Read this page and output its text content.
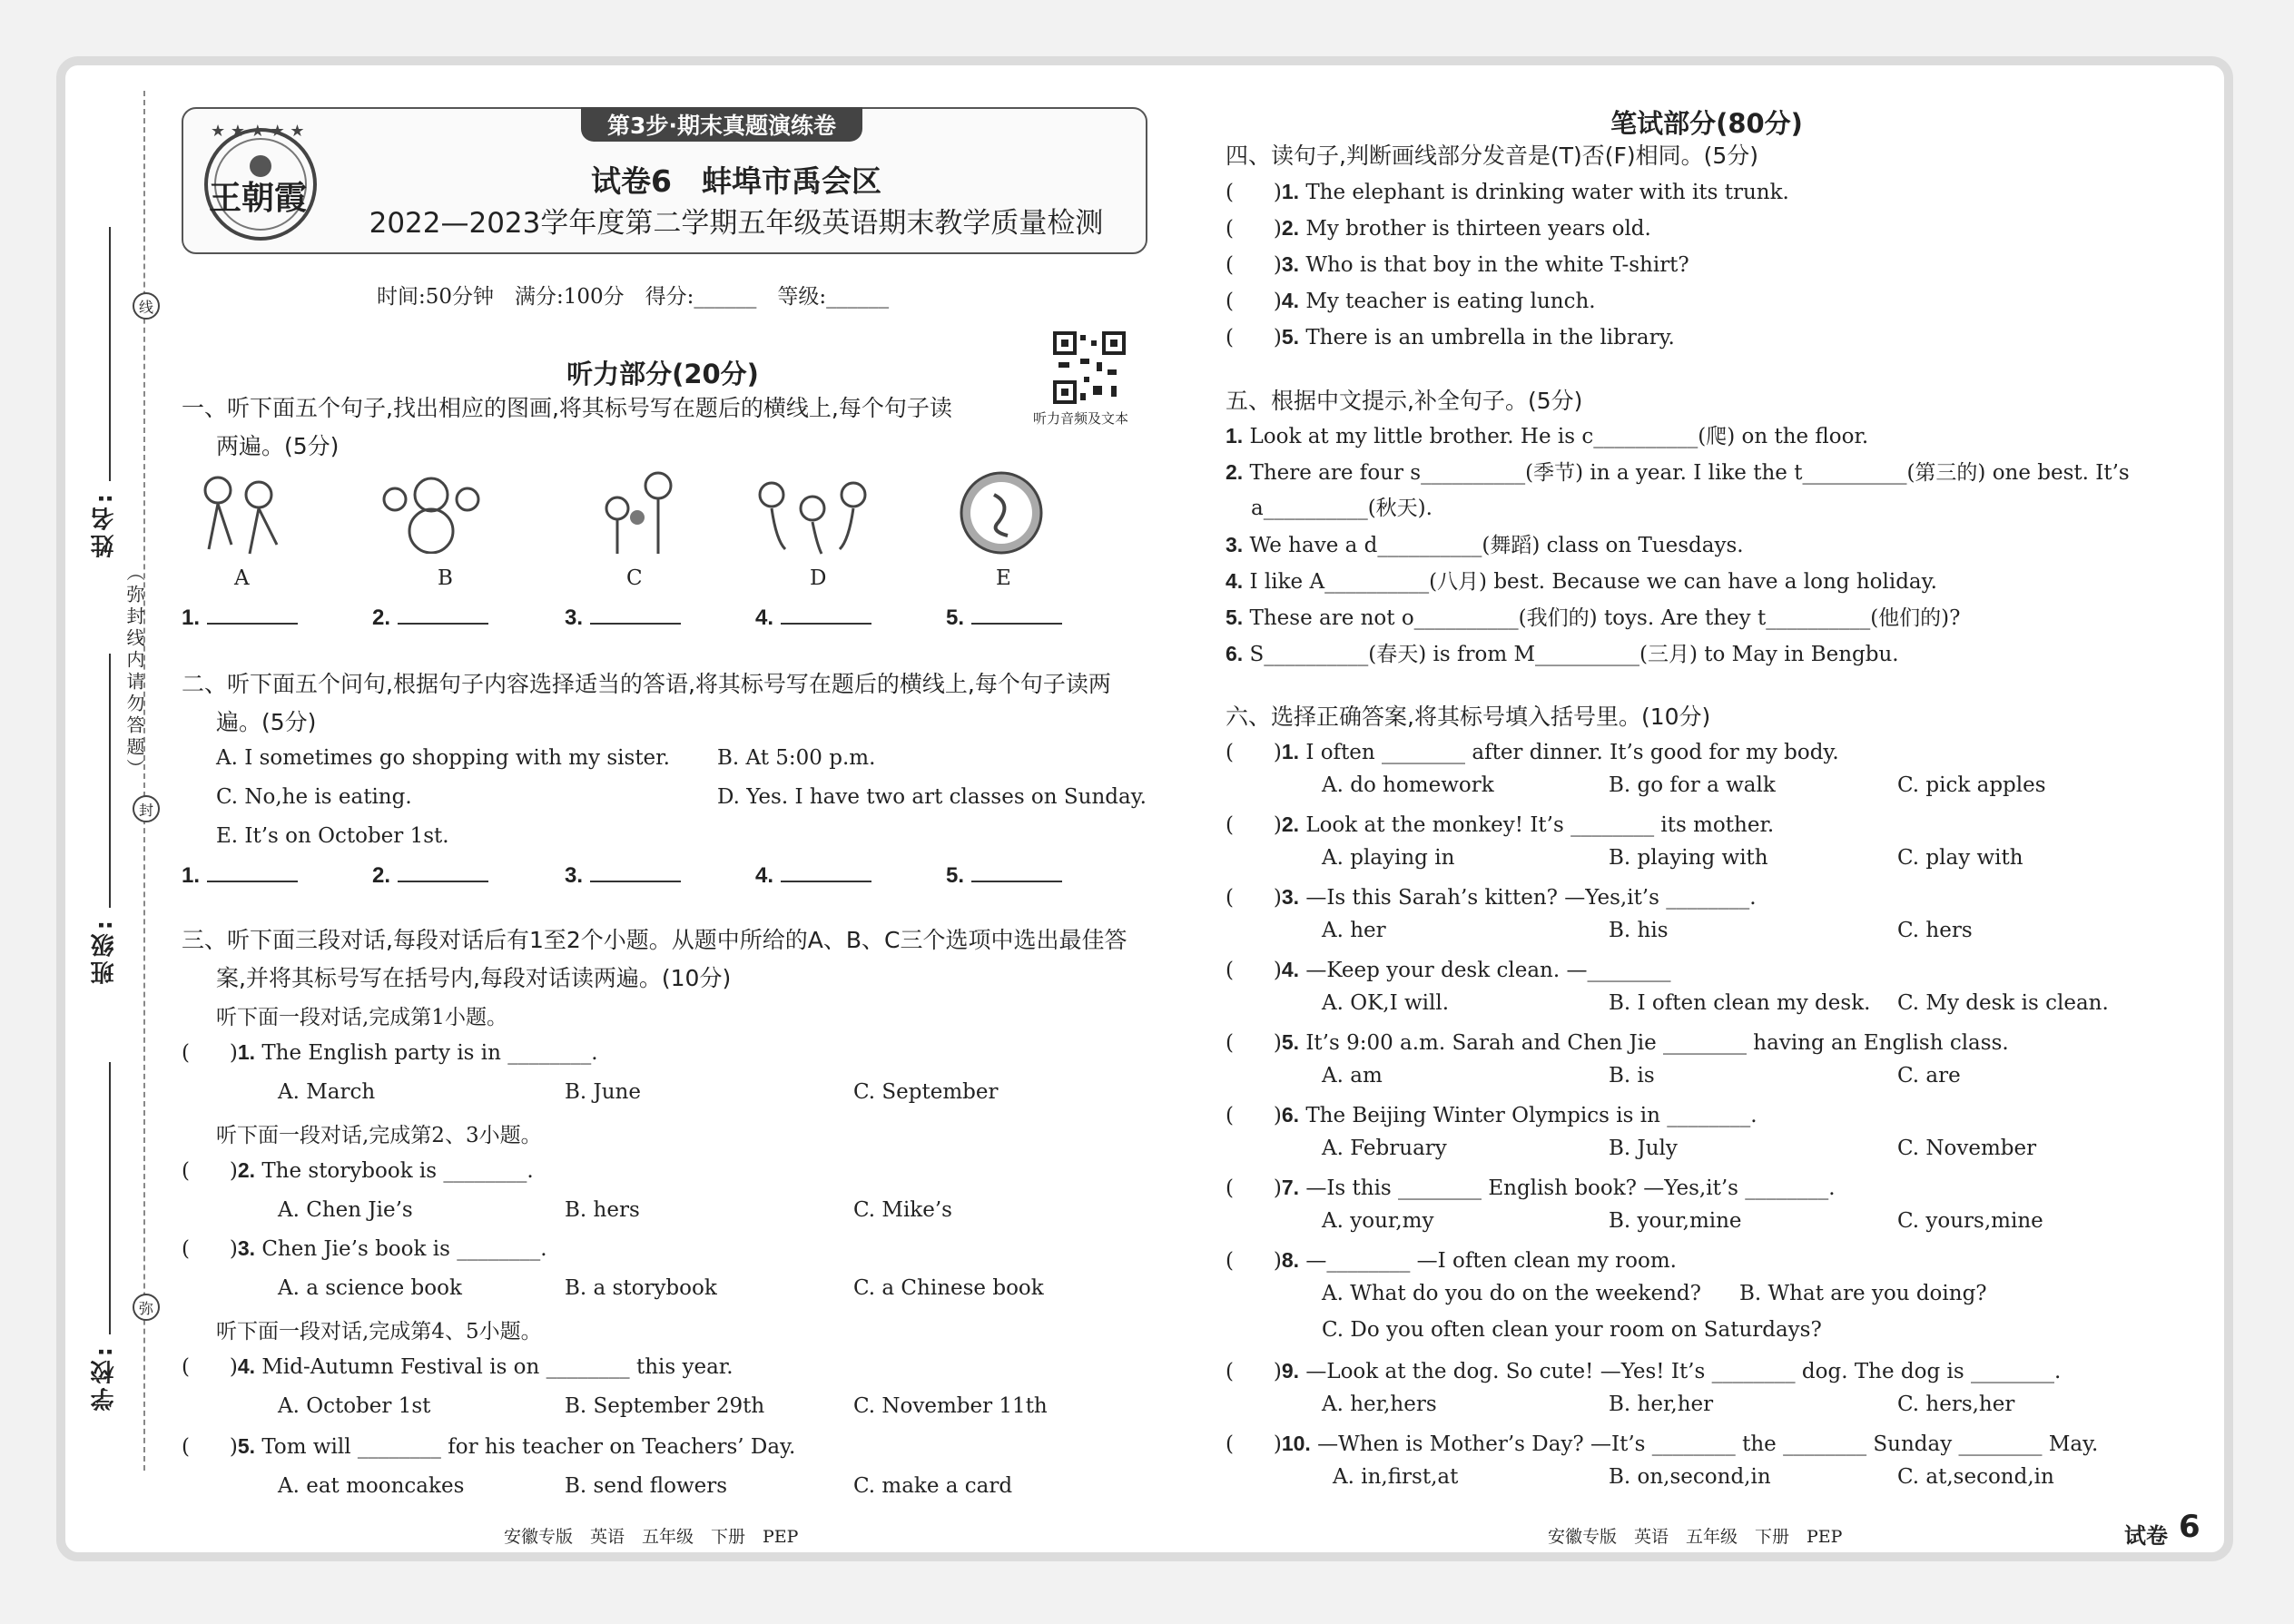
线
封
弥
（弥封线内请勿答题）
姓名:
班级:
学校:
第3步·期末真题演练卷
★ ★ ★ ★ ★
王朝霞	试卷6　蚌埠市禹会区
2022—2023学年度第二学期五年级英语期末教学质量检测
时间:50分钟　满分:100分　得分:______　等级:______
听力音频及文本
听力部分(20分)
一、听下面五个句子,找出相应的图画,将其标号写在题后的横线上,每个句子读
两遍。(5分)
A	B	C	D	E
1.	2.	3.	4.	5.
二、听下面五个问句,根据句子内容选择适当的答语,将其标号写在题后的横线上,每个句子读两
遍。(5分)
A. I sometimes go shopping with my sister. B. At 5:00 p.m.
C. No,he is eating.	D. Yes. I have two art classes on Sunday.
E. It’s on October 1st.
1.	2.	3.	4.	5.
三、听下面三段对话,每段对话后有1至2个小题。从题中所给的A、B、C三个选项中选出最佳答
案,并将其标号写在括号内,每段对话读两遍。(10分)
听下面一段对话,完成第1小题。
(      )1. The English party is in ________.
A. March	B. June	C. September
听下面一段对话,完成第2、3小题。
(      )2. The storybook is ________.
A. Chen Jie’s	B. hers	C. Mike’s
(      )3. Chen Jie’s book is ________.
A. a science book	B. a storybook	C. a Chinese book
听下面一段对话,完成第4、5小题。
(      )4. Mid-Autumn Festival is on ________ this year.
A. October 1st	B. September 29th	C. November 11th
(      )5. Tom will ________ for his teacher on Teachers’ Day.
A. eat mooncakes	B. send flowers	C. make a card
安徽专版　英语　五年级　下册　PEP
笔试部分(80分)
四、读句子,判断画线部分发音是(T)否(F)相同。(5分)
(      )1. The elephant is drinking water with its trunk.
(      )2. My brother is thirteen years old.
(      )3. Who is that boy in the white T-shirt?
(      )4. My teacher is eating lunch.
(      )5. There is an umbrella in the library.
五、根据中文提示,补全句子。(5分)
1. Look at my little brother. He is c__________(爬) on the floor.
2. There are four s__________(季节) in a year. I like the t__________(第三的) one best. It’s
a__________(秋天).
3. We have a d__________(舞蹈) class on Tuesdays.
4. I like A__________(八月) best. Because we can have a long holiday.
5. These are not o__________(我们的) toys. Are they t__________(他们的)?
6. S__________(春天) is from M__________(三月) to May in Bengbu.
六、选择正确答案,将其标号填入括号里。(10分)
(      )1. I often ________ after dinner. It’s good for my body.
A. do homework	B. go for a walk	C. pick apples
(      )2. Look at the monkey! It’s ________ its mother.
A. playing in	B. playing with	C. play with
(      )3. —Is this Sarah’s kitten? —Yes,it’s ________.
A. her	B. his	C. hers
(      )4. —Keep your desk clean. —________
A. OK,I will.	B. I often clean my desk. C. My desk is clean.
(      )5. It’s 9:00 a.m. Sarah and Chen Jie ________ having an English class.
A. am	B. is	C. are
(      )6. The Beijing Winter Olympics is in ________.
A. February	B. July	C. November
(      )7. —Is this ________ English book? —Yes,it’s ________.
A. your,my	B. your,mine	C. yours,mine
(      )8. —________ —I often clean my room.
A. What do you do on the weekend? B. What are you doing?
C. Do you often clean your room on Saturdays?
(      )9. —Look at the dog. So cute! —Yes! It’s ________ dog. The dog is ________.
A. her,hers	B. her,her	C. hers,her
(      )10. —When is Mother’s Day? —It’s ________ the ________ Sunday ________ May.
A. in,first,at	B. on,second,in	C. at,second,in
安徽专版　英语　五年级　下册　PEP	试卷 6
